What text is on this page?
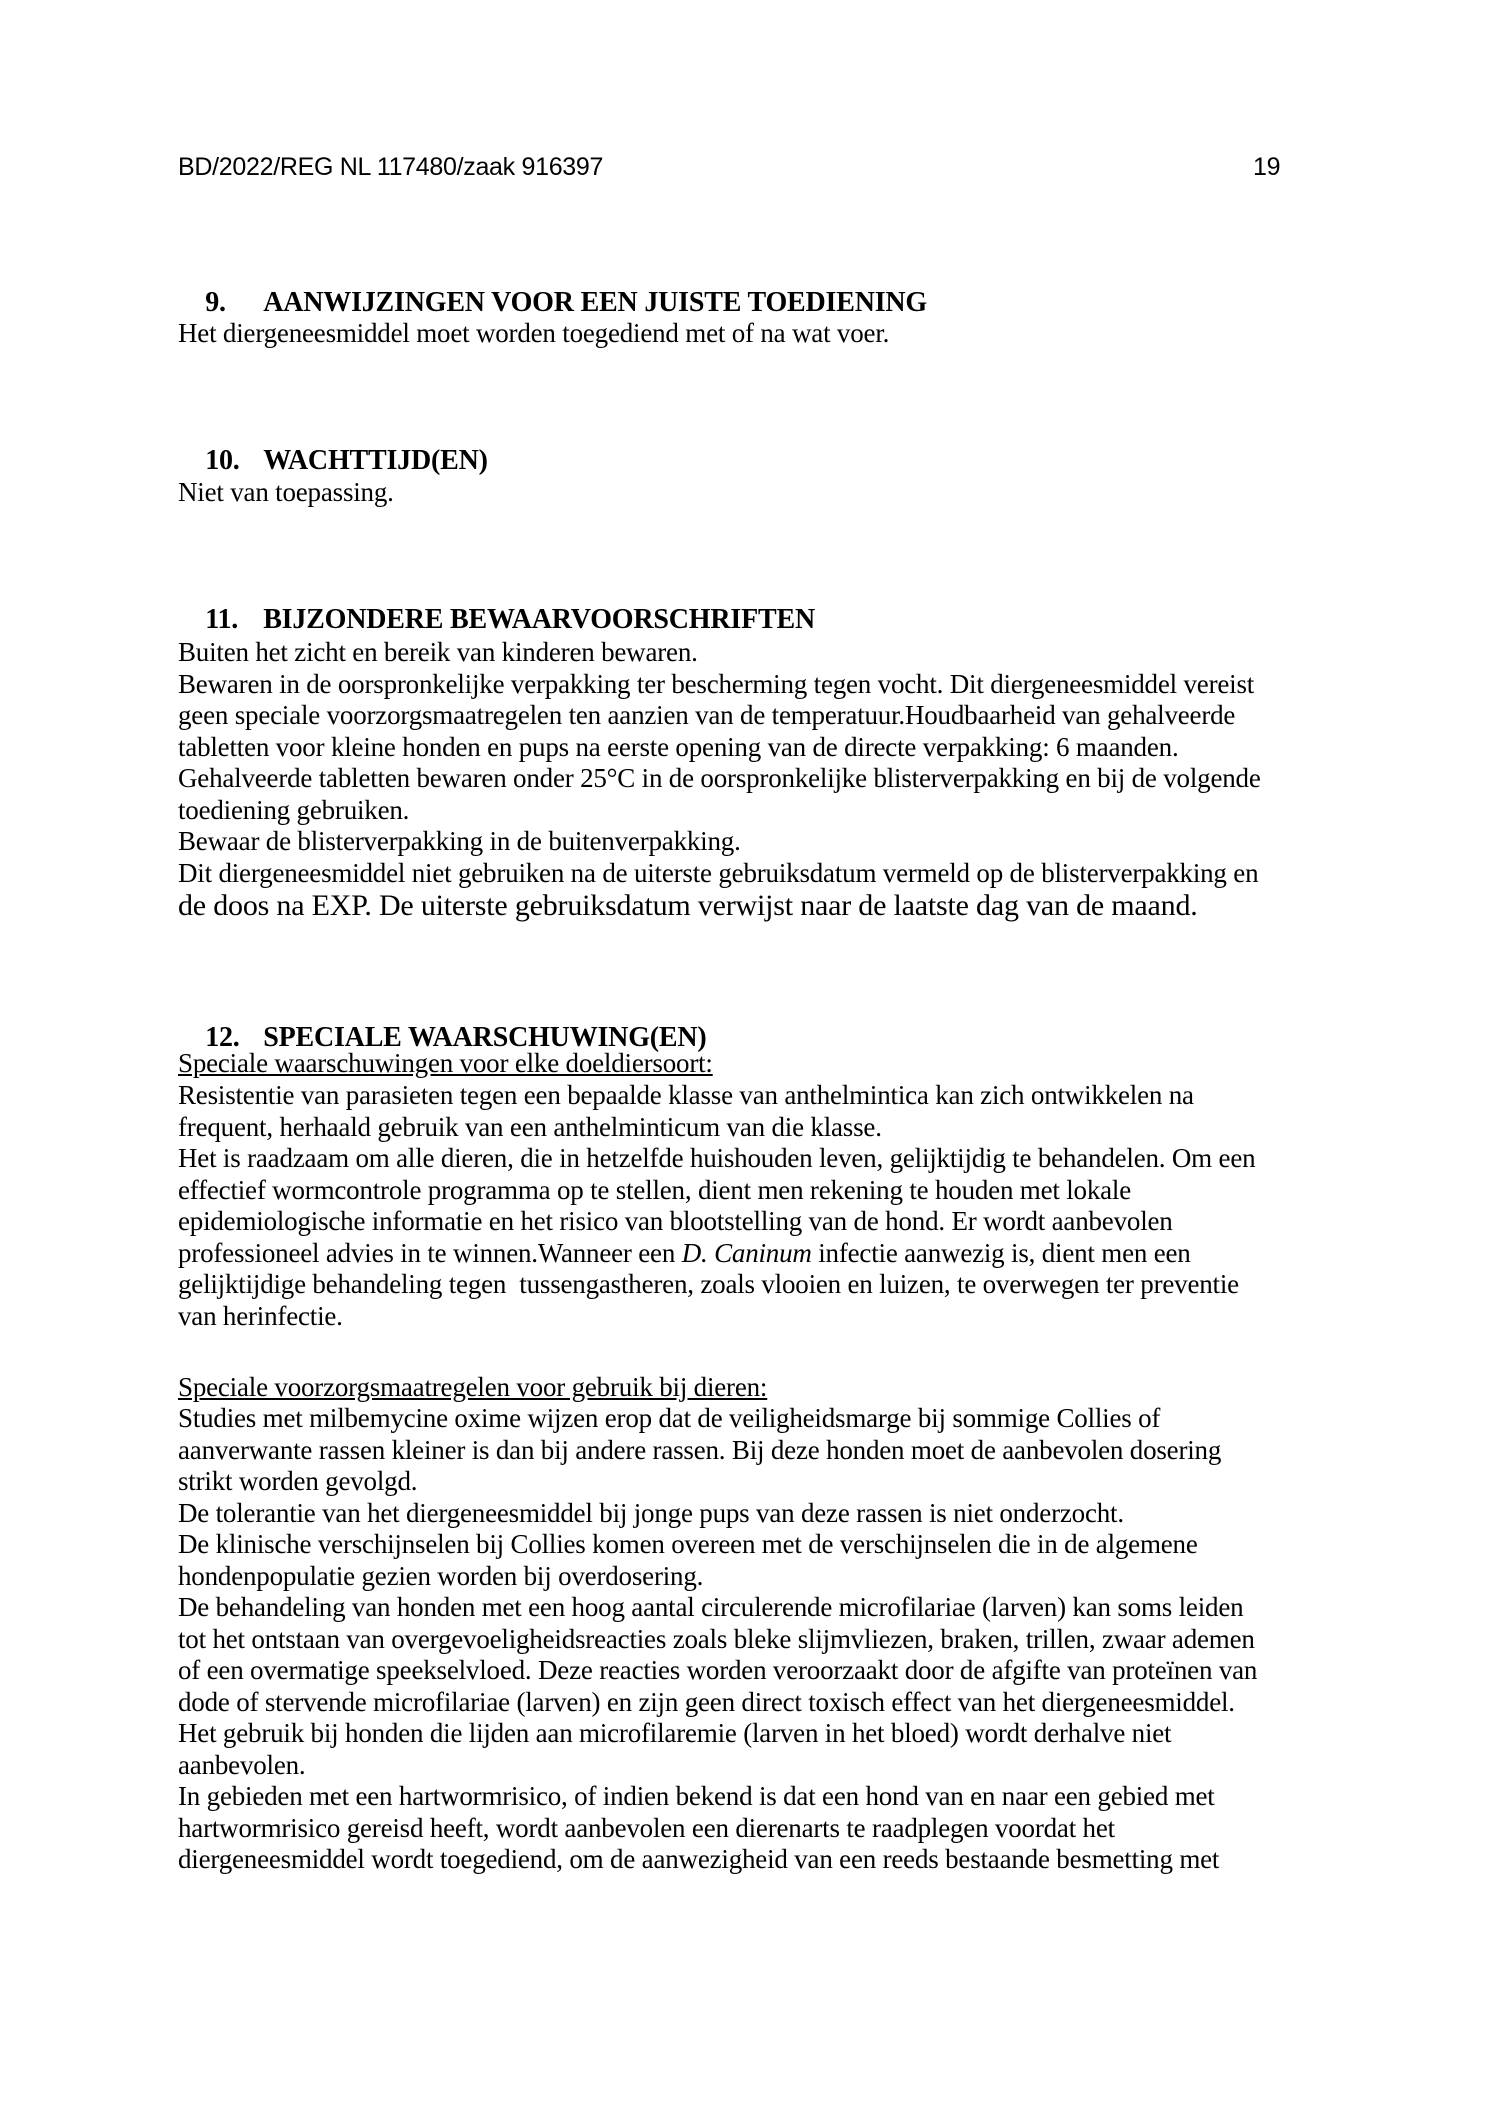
BD/2022/REG NL 117480/zaak 916397	19

9. AANWIJZINGEN VOOR EEN JUISTE TOEDIENING

Het diergeneesmiddel moet worden toegediend met of na wat voer.

10. WACHTTIJD(EN)

Niet van toepassing.

11. BIJZONDERE BEWAARVOORSCHRIFTEN

Buiten het zicht en bereik van kinderen bewaren.
Bewaren in de oorspronkelijke verpakking ter bescherming tegen vocht. Dit diergeneesmiddel vereist
geen speciale voorzorgsmaatregelen ten aanzien van de temperatuur.Houdbaarheid van gehalveerde
tabletten voor kleine honden en pups na eerste opening van de directe verpakking: 6 maanden.
Gehalveerde tabletten bewaren onder 25°C in de oorspronkelijke blisterverpakking en bij de volgende
toediening gebruiken.
Bewaar de blisterverpakking in de buitenverpakking.
Dit diergeneesmiddel niet gebruiken na de uiterste gebruiksdatum vermeld op de blisterverpakking en
de doos na EXP. De uiterste gebruiksdatum verwijst naar de laatste dag van de maand.

12. SPECIALE WAARSCHUWING(EN)

Speciale waarschuwingen voor elke doeldiersoort:
Resistentie van parasieten tegen een bepaalde klasse van anthelmintica kan zich ontwikkelen na
frequent, herhaald gebruik van een anthelminticum van die klasse.
Het is raadzaam om alle dieren, die in hetzelfde huishouden leven, gelijktijdig te behandelen. Om een
effectief wormcontrole programma op te stellen, dient men rekening te houden met lokale
epidemiologische informatie en het risico van blootstelling van de hond. Er wordt aanbevolen
professioneel advies in te winnen.Wanneer een D. Caninum infectie aanwezig is, dient men een
gelijktijdige behandeling tegen  tussengastheren, zoals vlooien en luizen, te overwegen ter preventie
van herinfectie.
Speciale voorzorgsmaatregelen voor gebruik bij dieren:
Studies met milbemycine oxime wijzen erop dat de veiligheidsmarge bij sommige Collies of
aanverwante rassen kleiner is dan bij andere rassen. Bij deze honden moet de aanbevolen dosering
strikt worden gevolgd.
De tolerantie van het diergeneesmiddel bij jonge pups van deze rassen is niet onderzocht.
De klinische verschijnselen bij Collies komen overeen met de verschijnselen die in de algemene
hondenpopulatie gezien worden bij overdosering.
De behandeling van honden met een hoog aantal circulerende microfilariae (larven) kan soms leiden
tot het ontstaan van overgevoeligheidsreacties zoals bleke slijmvliezen, braken, trillen, zwaar ademen
of een overmatige speekselvloed. Deze reacties worden veroorzaakt door de afgifte van proteïnen van
dode of stervende microfilariae (larven) en zijn geen direct toxisch effect van het diergeneesmiddel.
Het gebruik bij honden die lijden aan microfilaremie (larven in het bloed) wordt derhalve niet
aanbevolen.
In gebieden met een hartwormrisico, of indien bekend is dat een hond van en naar een gebied met
hartwormrisico gereisd heeft, wordt aanbevolen een dierenarts te raadplegen voordat het
diergeneesmiddel wordt toegediend, om de aanwezigheid van een reeds bestaande besmetting met
